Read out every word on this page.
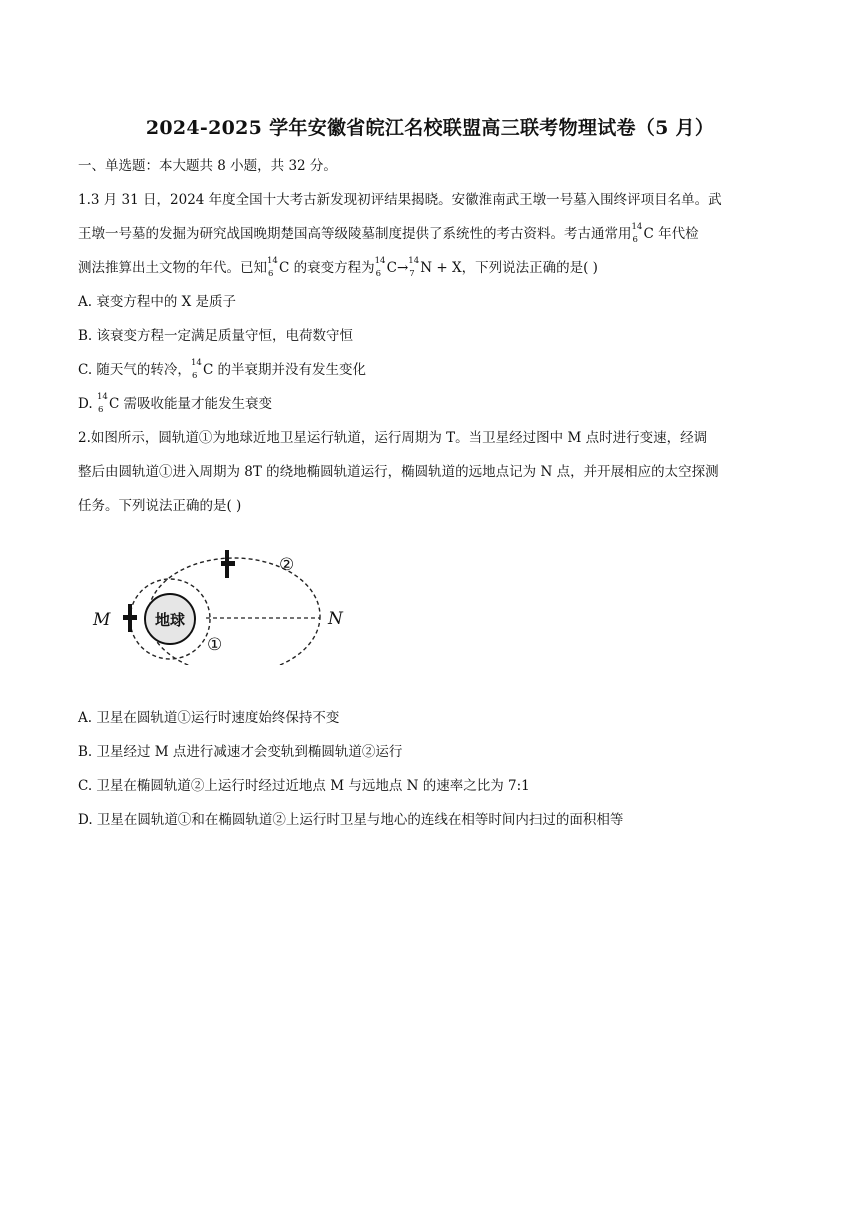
2024-2025 学年安徽省皖江名校联盟高三联考物理试卷（5 月）
一、单选题：本大题共 8 小题，共 32 分。
1.3 月 31 日，2024 年度全国十大考古新发现初评结果揭晓。安徽淮南武王墩一号墓入围终评项目名单。武
王墩一号墓的发掘为研究战国晚期楚国高等级陵墓制度提供了系统性的考古资料。考古通常用 14
6 C 年代检
测法推算出土文物的年代。已知 14
6 C 的衰变方程为 14
6 C→ 14
7 N + X，下列说法正确的是( )
A. 衰变方程中的 X 是质子
B. 该衰变方程一定满足质量守恒，电荷数守恒
C. 随天气的转冷， 14
6 C 的半衰期并没有发生变化
D. 14
6 C 需吸收能量才能发生衰变
2.如图所示，圆轨道①为地球近地卫星运行轨道，运行周期为 T。当卫星经过图中 M 点时进行变速，经调
整后由圆轨道①进入周期为 8T 的绕地椭圆轨道运行，椭圆轨道的远地点记为 N 点，并开展相应的太空探测
任务。下列说法正确的是( )
地球
M	N
①
②
A. 卫星在圆轨道①运行时速度始终保持不变
B. 卫星经过 M 点进行减速才会变轨到椭圆轨道②运行
C. 卫星在椭圆轨道②上运行时经过近地点 M 与远地点 N 的速率之比为 7:1
D. 卫星在圆轨道①和在椭圆轨道②上运行时卫星与地心的连线在相等时间内扫过的面积相等
